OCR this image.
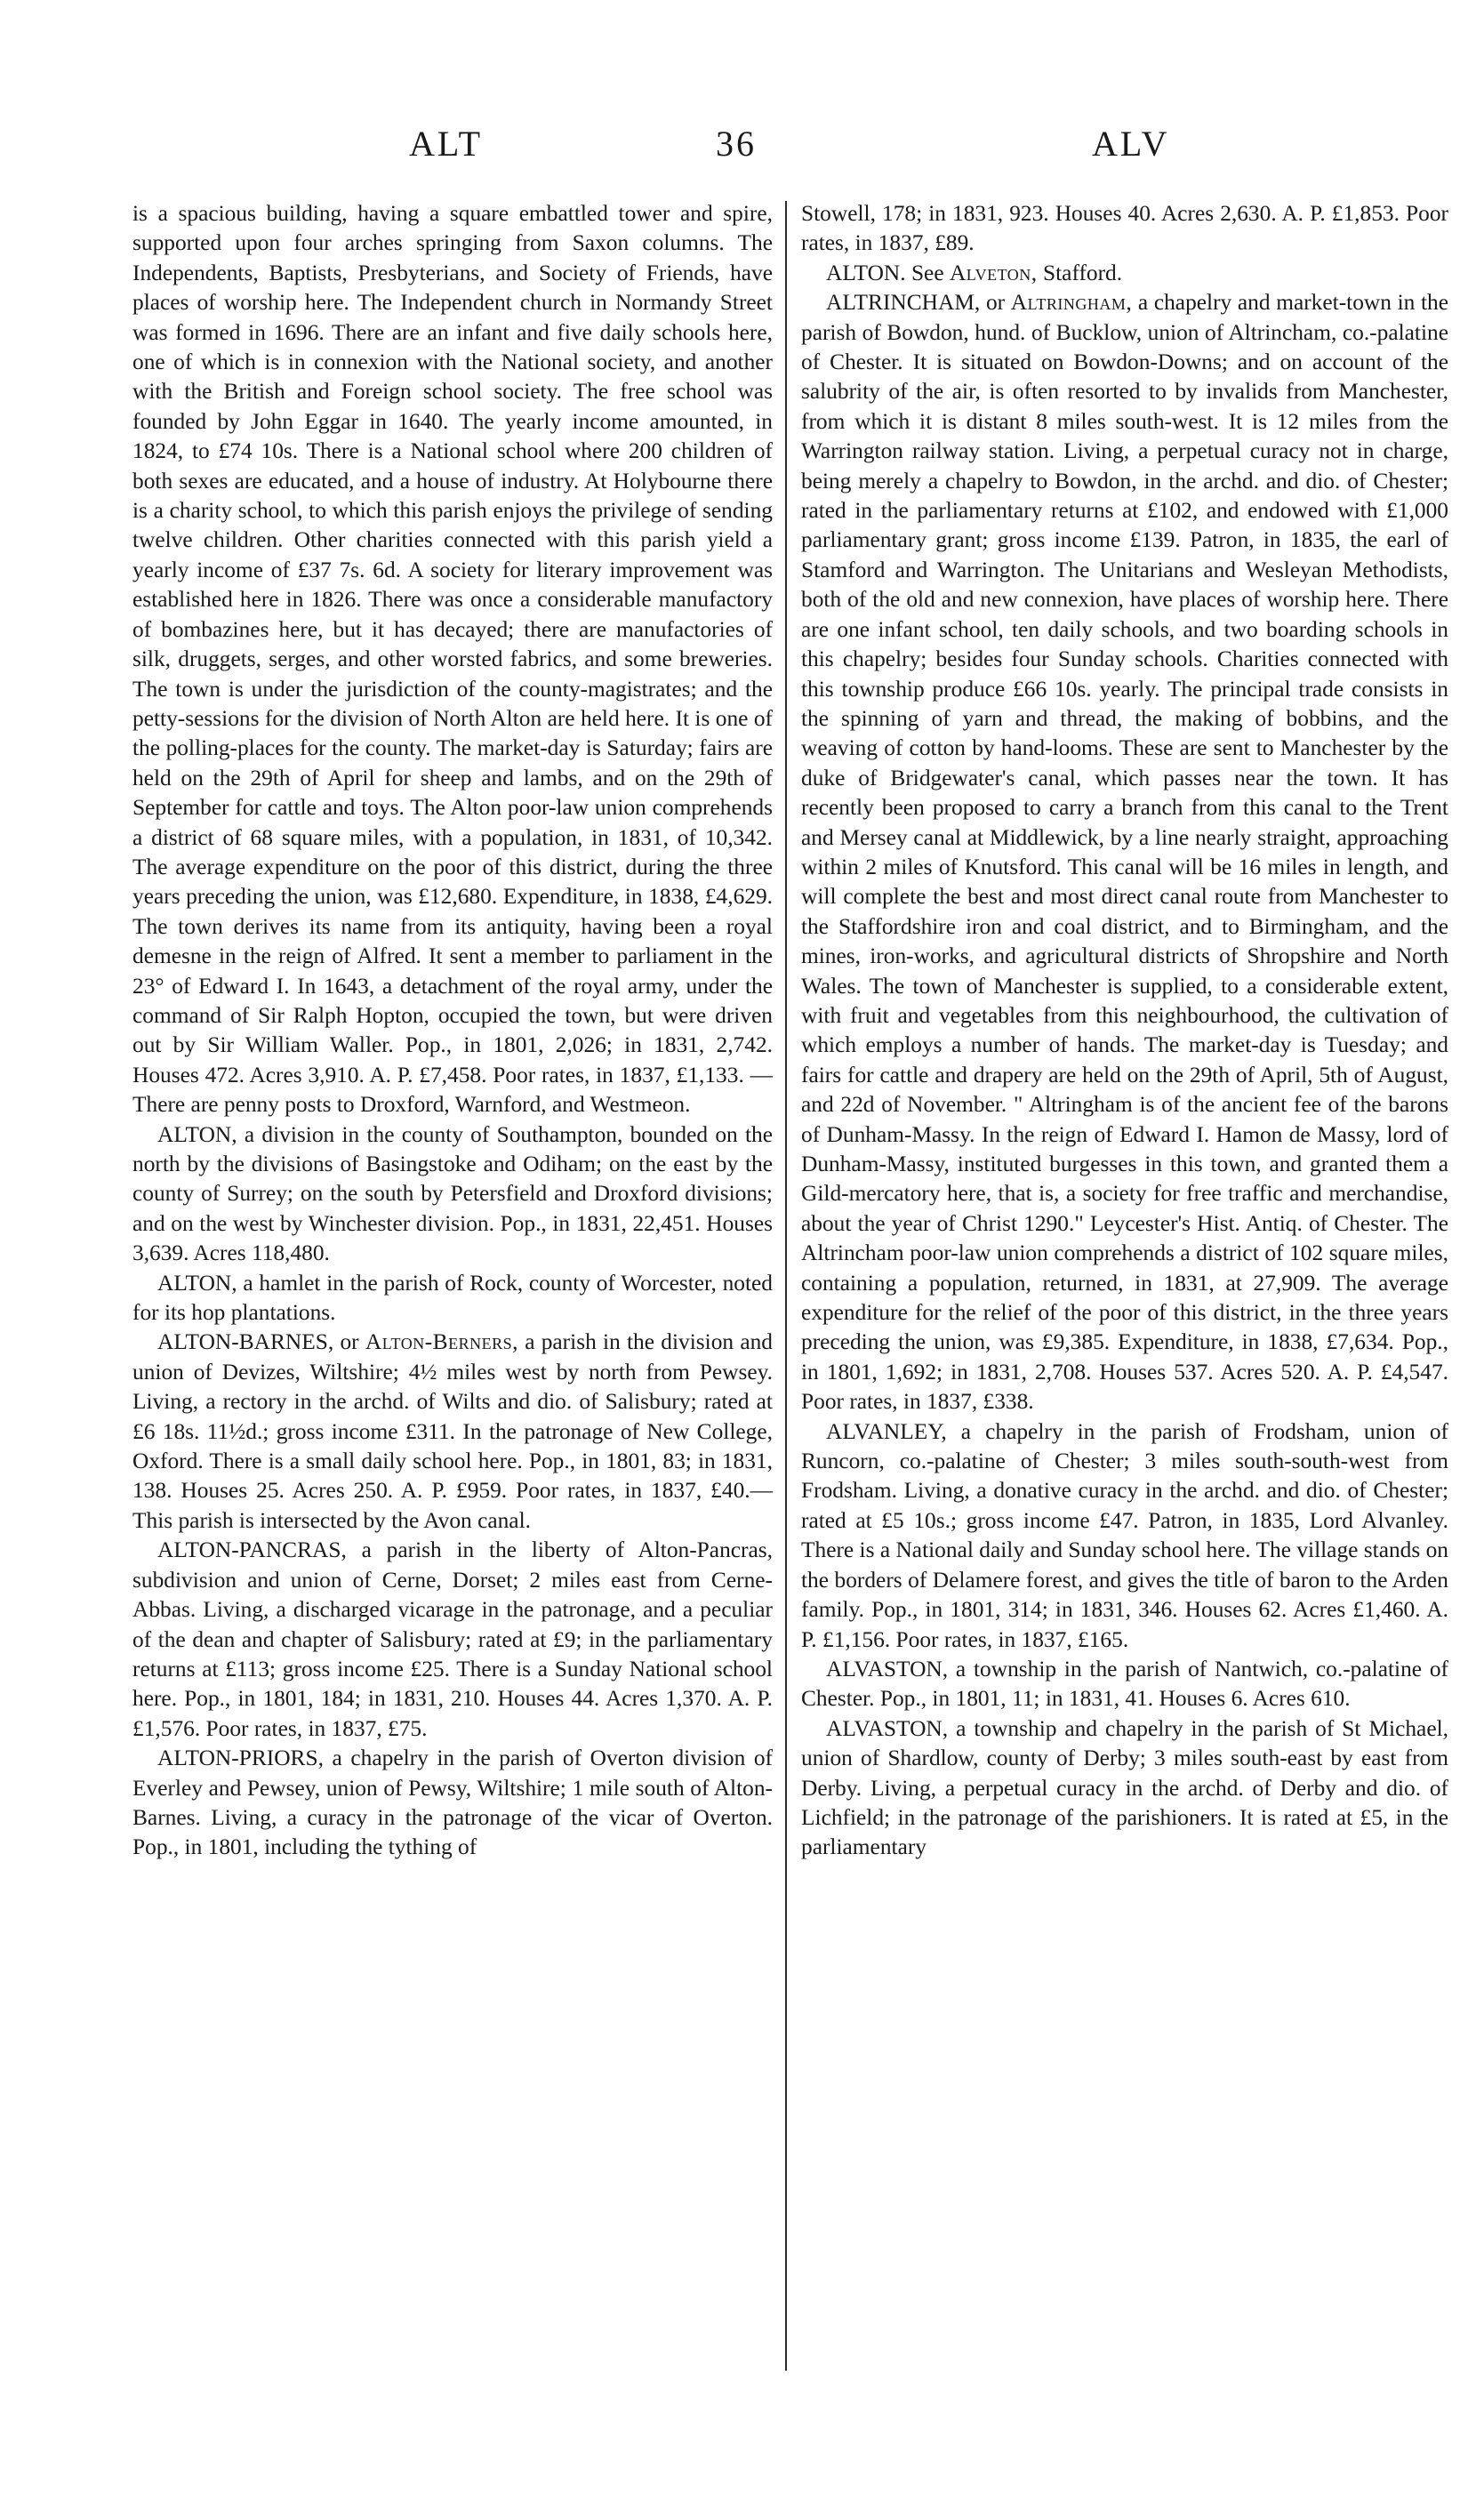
ALT	36	ALV

is a spacious building, having a square embattled tower and spire, supported upon four arches springing from Saxon columns. The Independents, Baptists, Presbyterians, and Society of Friends, have places of worship here. The Independent church in Normandy Street was formed in 1696. There are an infant and five daily schools here, one of which is in connexion with the National society, and another with the British and Foreign school society. The free school was founded by John Eggar in 1640. The yearly income amounted, in 1824, to £74 10s. There is a National school where 200 children of both sexes are educated, and a house of industry. At Holybourne there is a charity school, to which this parish enjoys the privilege of sending twelve children. Other charities connected with this parish yield a yearly income of £37 7s. 6d. A society for literary improvement was established here in 1826. There was once a considerable manufactory of bombazines here, but it has decayed; there are manufactories of silk, druggets, serges, and other worsted fabrics, and some breweries. The town is under the jurisdiction of the county-magistrates; and the petty-sessions for the division of North Alton are held here. It is one of the polling-places for the county. The market-day is Saturday; fairs are held on the 29th of April for sheep and lambs, and on the 29th of September for cattle and toys. The Alton poor-law union comprehends a district of 68 square miles, with a population, in 1831, of 10,342. The average expenditure on the poor of this district, during the three years preceding the union, was £12,680. Expenditure, in 1838, £4,629. The town derives its name from its antiquity, having been a royal demesne in the reign of Alfred. It sent a member to parliament in the 23° of Edward I. In 1643, a detachment of the royal army, under the command of Sir Ralph Hopton, occupied the town, but were driven out by Sir William Waller. Pop., in 1801, 2,026; in 1831, 2,742. Houses 472. Acres 3,910. A. P. £7,458. Poor rates, in 1837, £1,133. —There are penny posts to Droxford, Warnford, and Westmeon.

ALTON, a division in the county of Southampton, bounded on the north by the divisions of Basingstoke and Odiham; on the east by the county of Surrey; on the south by Petersfield and Droxford divisions; and on the west by Winchester division. Pop., in 1831, 22,451. Houses 3,639. Acres 118,480.

ALTON, a hamlet in the parish of Rock, county of Worcester, noted for its hop plantations.

ALTON-BARNES, or Alton-Berners, a parish in the division and union of Devizes, Wiltshire; 4½ miles west by north from Pewsey. Living, a rectory in the archd. of Wilts and dio. of Salisbury; rated at £6 18s. 11½d.; gross income £311. In the patronage of New College, Oxford. There is a small daily school here. Pop., in 1801, 83; in 1831, 138. Houses 25. Acres 250. A. P. £959. Poor rates, in 1837, £40.—This parish is intersected by the Avon canal.

ALTON-PANCRAS, a parish in the liberty of Alton-Pancras, subdivision and union of Cerne, Dorset; 2 miles east from Cerne-Abbas. Living, a discharged vicarage in the patronage, and a peculiar of the dean and chapter of Salisbury; rated at £9; in the parliamentary returns at £113; gross income £25. There is a Sunday National school here. Pop., in 1801, 184; in 1831, 210. Houses 44. Acres 1,370. A. P. £1,576. Poor rates, in 1837, £75.

ALTON-PRIORS, a chapelry in the parish of Overton division of Everley and Pewsey, union of Pewsy, Wiltshire; 1 mile south of Alton-Barnes. Living, a curacy in the patronage of the vicar of Overton. Pop., in 1801, including the tything of

Stowell, 178; in 1831, 923. Houses 40. Acres 2,630. A. P. £1,853. Poor rates, in 1837, £89.

ALTON. See Alveton, Stafford.

ALTRINCHAM, or Altringham, a chapelry and market-town in the parish of Bowdon, hund. of Bucklow, union of Altrincham, co.-palatine of Chester. It is situated on Bowdon-Downs; and on account of the salubrity of the air, is often resorted to by invalids from Manchester, from which it is distant 8 miles south-west. It is 12 miles from the Warrington railway station. Living, a perpetual curacy not in charge, being merely a chapelry to Bowdon, in the archd. and dio. of Chester; rated in the parliamentary returns at £102, and endowed with £1,000 parliamentary grant; gross income £139. Patron, in 1835, the earl of Stamford and Warrington. The Unitarians and Wesleyan Methodists, both of the old and new connexion, have places of worship here. There are one infant school, ten daily schools, and two boarding schools in this chapelry; besides four Sunday schools. Charities connected with this township produce £66 10s. yearly. The principal trade consists in the spinning of yarn and thread, the making of bobbins, and the weaving of cotton by hand-looms. These are sent to Manchester by the duke of Bridgewater's canal, which passes near the town. It has recently been proposed to carry a branch from this canal to the Trent and Mersey canal at Middlewick, by a line nearly straight, approaching within 2 miles of Knutsford. This canal will be 16 miles in length, and will complete the best and most direct canal route from Manchester to the Staffordshire iron and coal district, and to Birmingham, and the mines, iron-works, and agricultural districts of Shropshire and North Wales. The town of Manchester is supplied, to a considerable extent, with fruit and vegetables from this neighbourhood, the cultivation of which employs a number of hands. The market-day is Tuesday; and fairs for cattle and drapery are held on the 29th of April, 5th of August, and 22d of November. " Altringham is of the ancient fee of the barons of Dunham-Massy. In the reign of Edward I. Hamon de Massy, lord of Dunham-Massy, instituted burgesses in this town, and granted them a Gild-mercatory here, that is, a society for free traffic and merchandise, about the year of Christ 1290." Leycester's Hist. Antiq. of Chester. The Altrincham poor-law union comprehends a district of 102 square miles, containing a population, returned, in 1831, at 27,909. The average expenditure for the relief of the poor of this district, in the three years preceding the union, was £9,385. Expenditure, in 1838, £7,634. Pop., in 1801, 1,692; in 1831, 2,708. Houses 537. Acres 520. A. P. £4,547. Poor rates, in 1837, £338.

ALVANLEY, a chapelry in the parish of Frodsham, union of Runcorn, co.-palatine of Chester; 3 miles south-south-west from Frodsham. Living, a donative curacy in the archd. and dio. of Chester; rated at £5 10s.; gross income £47. Patron, in 1835, Lord Alvanley. There is a National daily and Sunday school here. The village stands on the borders of Delamere forest, and gives the title of baron to the Arden family. Pop., in 1801, 314; in 1831, 346. Houses 62. Acres £1,460. A. P. £1,156. Poor rates, in 1837, £165.

ALVASTON, a township in the parish of Nantwich, co.-palatine of Chester. Pop., in 1801, 11; in 1831, 41. Houses 6. Acres 610.

ALVASTON, a township and chapelry in the parish of St Michael, union of Shardlow, county of Derby; 3 miles south-east by east from Derby. Living, a perpetual curacy in the archd. of Derby and dio. of Lichfield; in the patronage of the parishioners. It is rated at £5, in the parliamentary
